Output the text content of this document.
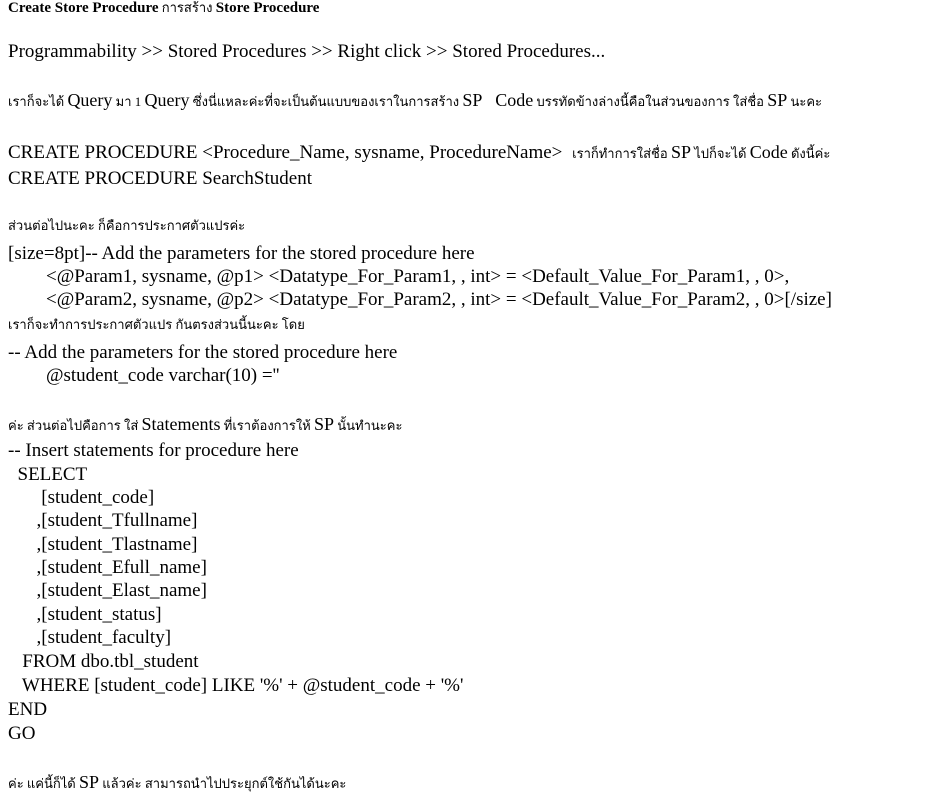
Create Store Procedure การสร้าง Store Procedure
Programmability >> Stored Procedures >> Right click >> Stored Procedures...
เราก็จะได้ Query มา 1 Query ซึ่งนี่แหละค่ะที่จะเป็นต้นแบบของเราในการสร้าง SP   Code บรรทัดข้างล่างนี้คือในส่วนของการ ใส่ชื่อ SP นะคะ
CREATE PROCEDURE <Procedure_Name, sysname, ProcedureName>   เราก็ทำการใส่ชื่อ SP ไปก็จะได้ Code ดังนี้ค่ะ
CREATE PROCEDURE SearchStudent
ส่วนต่อไปนะคะ ก็คือการประกาศตัวแปรค่ะ
[size=8pt]-- Add the parameters for the stored procedure here
<@Param1, sysname, @p1> <Datatype_For_Param1, , int> = <Default_Value_For_Param1, , 0>,
<@Param2, sysname, @p2> <Datatype_For_Param2, , int> = <Default_Value_For_Param2, , 0>[/size]
เราก็จะทำการประกาศตัวแปร กันตรงส่วนนี้นะคะ โดย
-- Add the parameters for the stored procedure here
@student_code varchar(10) =''
ค่ะ ส่วนต่อไปคือการ ใส่ Statements ที่เราต้องการให้ SP นั้นทำนะคะ
-- Insert statements for procedure here
SELECT
[student_code]
,[student_Tfullname]
,[student_Tlastname]
,[student_Efull_name]
,[student_Elast_name]
,[student_status]
,[student_faculty]
FROM dbo.tbl_student
WHERE [student_code] LIKE '%' + @student_code + '%'
END
GO
ค่ะ แค่นี้ก็ได้ SP แล้วค่ะ สามารถนำไปประยุกต์ใช้กันได้นะคะ
